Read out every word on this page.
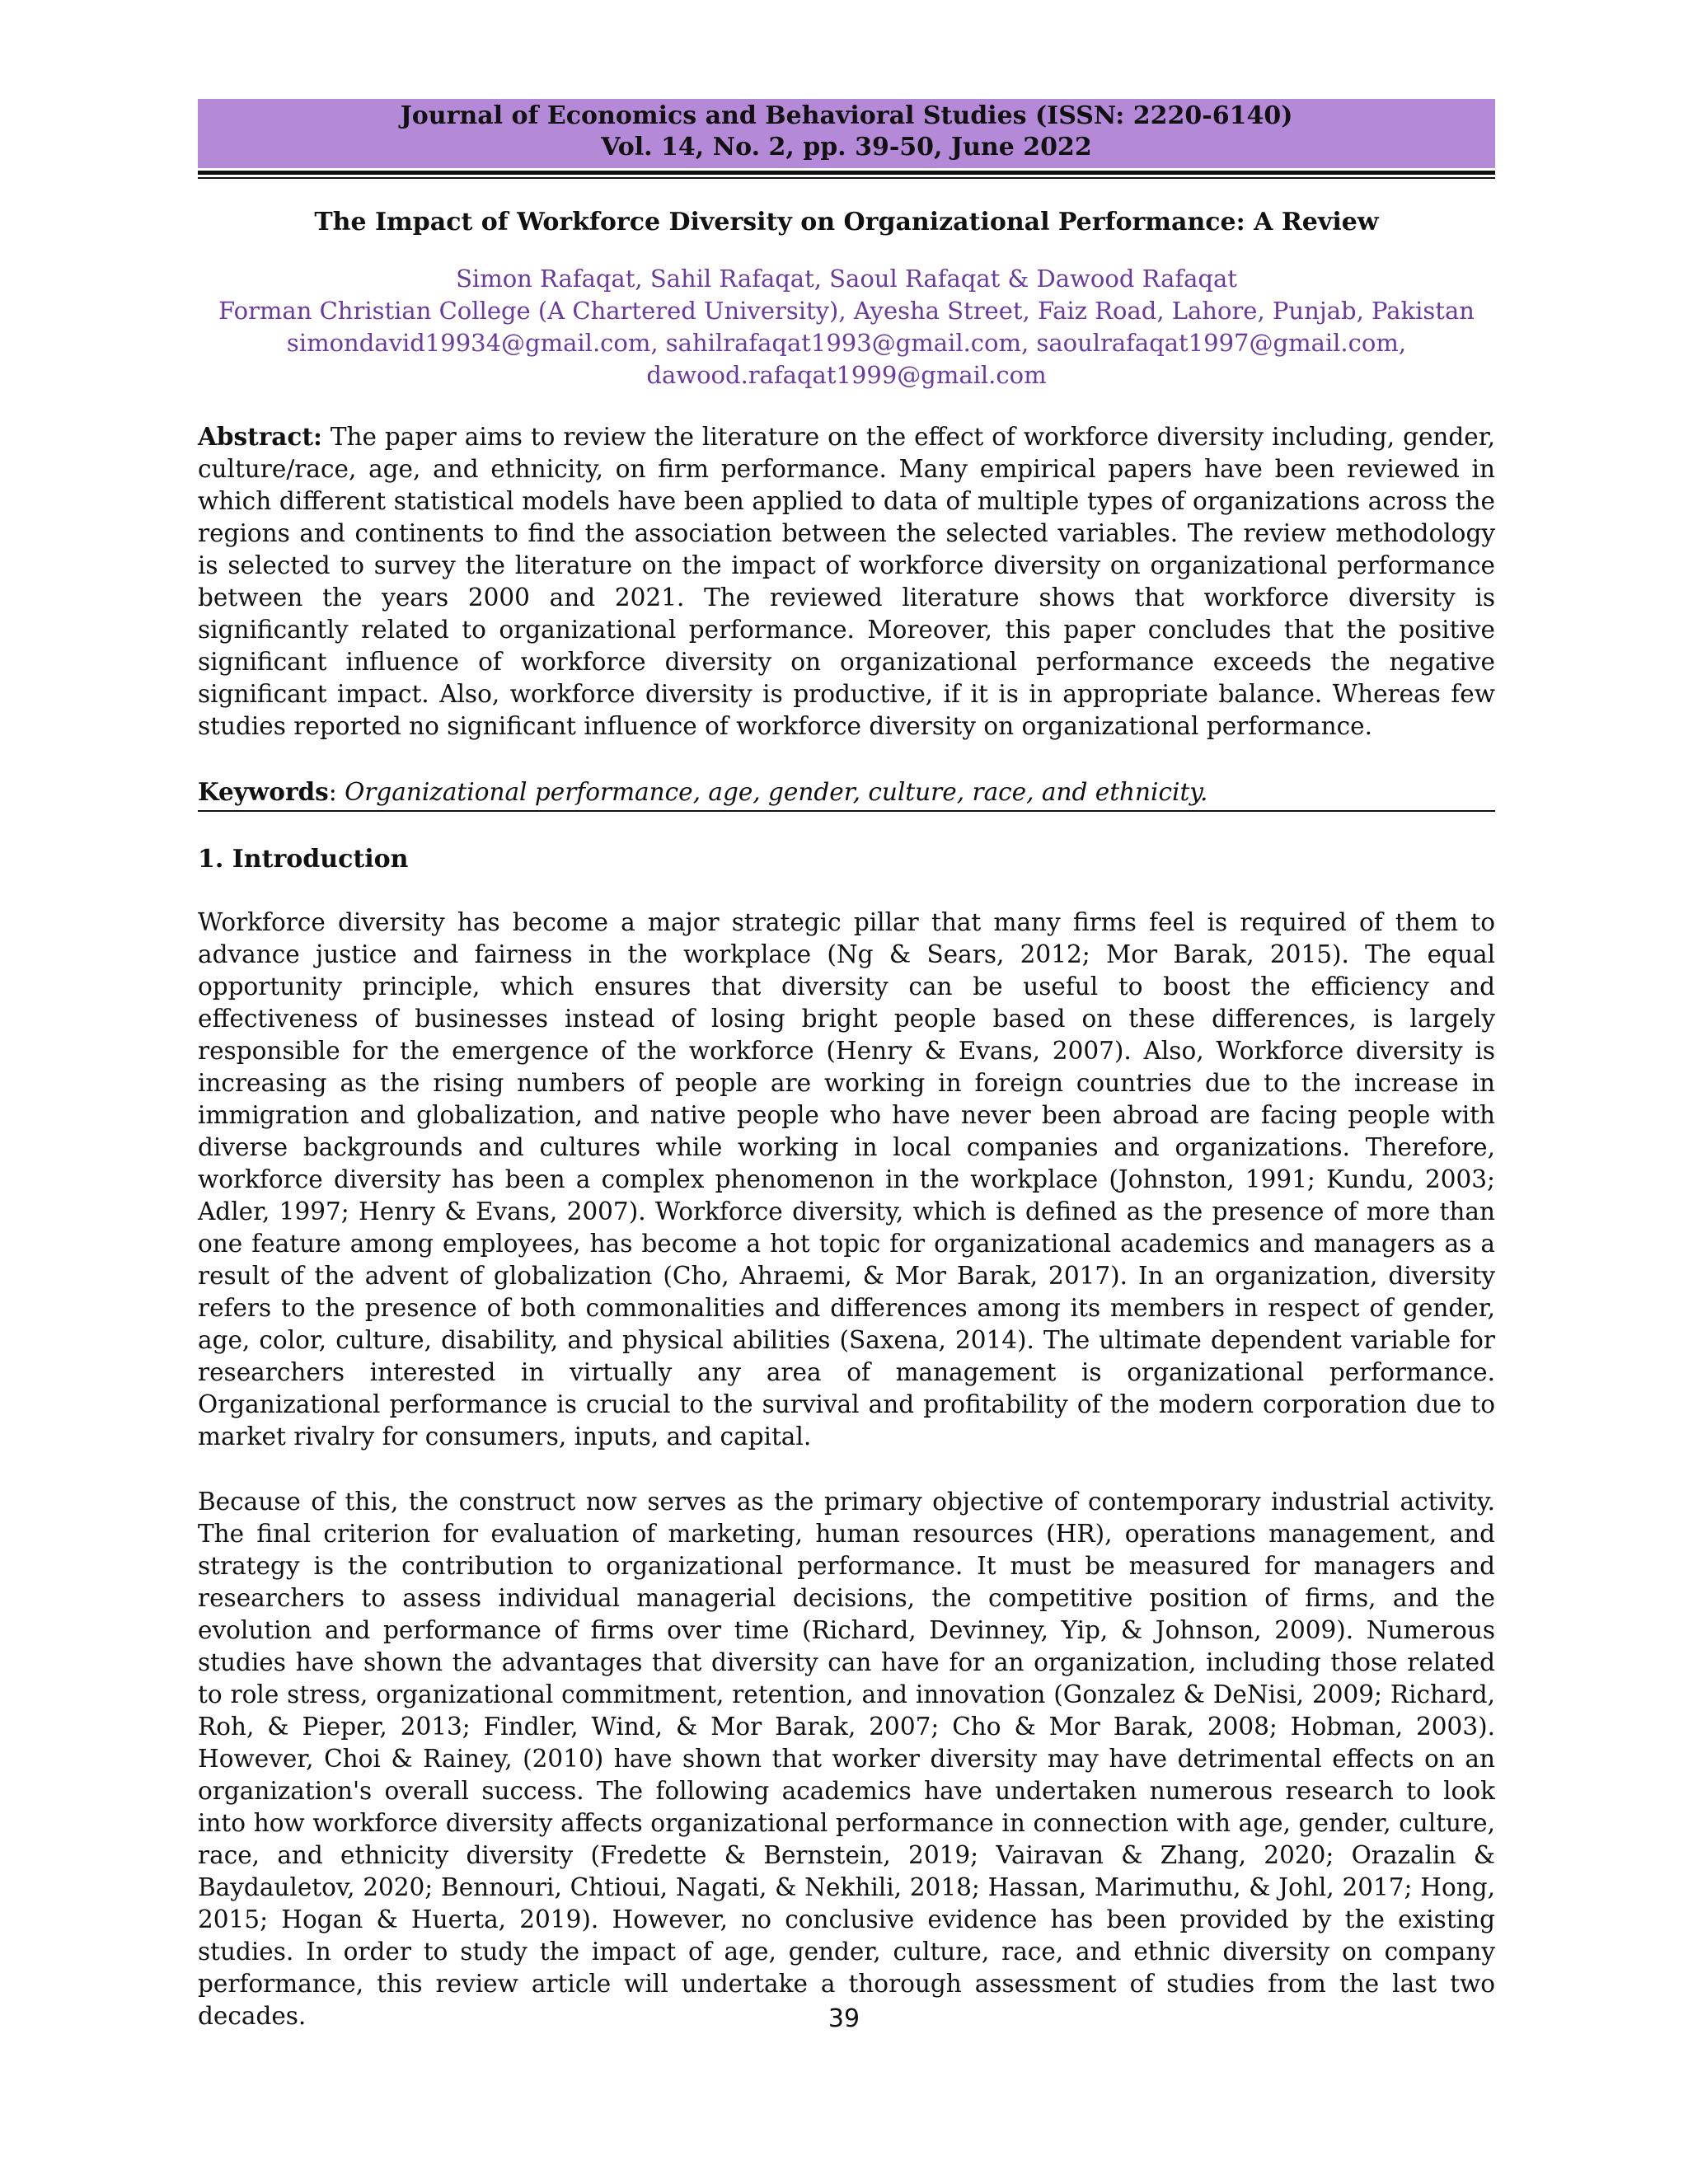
Journal of Economics and Behavioral Studies (ISSN: 2220-6140)
Vol. 14, No. 2, pp. 39-50, June 2022
The Impact of Workforce Diversity on Organizational Performance: A Review
Simon Rafaqat, Sahil Rafaqat, Saoul Rafaqat & Dawood Rafaqat
Forman Christian College (A Chartered University), Ayesha Street, Faiz Road, Lahore, Punjab, Pakistan
simondavid19934@gmail.com, sahilrafaqat1993@gmail.com, saoulrafaqat1997@gmail.com,
dawood.rafaqat1999@gmail.com
Abstract: The paper aims to review the literature on the effect of workforce diversity including, gender, culture/race, age, and ethnicity, on firm performance. Many empirical papers have been reviewed in which different statistical models have been applied to data of multiple types of organizations across the regions and continents to find the association between the selected variables. The review methodology is selected to survey the literature on the impact of workforce diversity on organizational performance between the years 2000 and 2021. The reviewed literature shows that workforce diversity is significantly related to organizational performance. Moreover, this paper concludes that the positive significant influence of workforce diversity on organizational performance exceeds the negative significant impact. Also, workforce diversity is productive, if it is in appropriate balance. Whereas few studies reported no significant influence of workforce diversity on organizational performance.
Keywords: Organizational performance, age, gender, culture, race, and ethnicity.
1. Introduction
Workforce diversity has become a major strategic pillar that many firms feel is required of them to advance justice and fairness in the workplace (Ng & Sears, 2012; Mor Barak, 2015). The equal opportunity principle, which ensures that diversity can be useful to boost the efficiency and effectiveness of businesses instead of losing bright people based on these differences, is largely responsible for the emergence of the workforce (Henry & Evans, 2007). Also, Workforce diversity is increasing as the rising numbers of people are working in foreign countries due to the increase in immigration and globalization, and native people who have never been abroad are facing people with diverse backgrounds and cultures while working in local companies and organizations. Therefore, workforce diversity has been a complex phenomenon in the workplace (Johnston, 1991; Kundu, 2003; Adler, 1997; Henry & Evans, 2007). Workforce diversity, which is defined as the presence of more than one feature among employees, has become a hot topic for organizational academics and managers as a result of the advent of globalization (Cho, Ahraemi, & Mor Barak, 2017). In an organization, diversity refers to the presence of both commonalities and differences among its members in respect of gender, age, color, culture, disability, and physical abilities (Saxena, 2014). The ultimate dependent variable for researchers interested in virtually any area of management is organizational performance. Organizational performance is crucial to the survival and profitability of the modern corporation due to market rivalry for consumers, inputs, and capital.
Because of this, the construct now serves as the primary objective of contemporary industrial activity. The final criterion for evaluation of marketing, human resources (HR), operations management, and strategy is the contribution to organizational performance. It must be measured for managers and researchers to assess individual managerial decisions, the competitive position of firms, and the evolution and performance of firms over time (Richard, Devinney, Yip, & Johnson, 2009). Numerous studies have shown the advantages that diversity can have for an organization, including those related to role stress, organizational commitment, retention, and innovation (Gonzalez & DeNisi, 2009; Richard, Roh, & Pieper, 2013; Findler, Wind, & Mor Barak, 2007; Cho & Mor Barak, 2008; Hobman, 2003). However, Choi & Rainey, (2010) have shown that worker diversity may have detrimental effects on an organization's overall success. The following academics have undertaken numerous research to look into how workforce diversity affects organizational performance in connection with age, gender, culture, race, and ethnicity diversity (Fredette & Bernstein, 2019; Vairavan & Zhang, 2020; Orazalin & Baydauletov, 2020; Bennouri, Chtioui, Nagati, & Nekhili, 2018; Hassan, Marimuthu, & Johl, 2017; Hong, 2015; Hogan & Huerta, 2019). However, no conclusive evidence has been provided by the existing studies. In order to study the impact of age, gender, culture, race, and ethnic diversity on company performance, this review article will undertake a thorough assessment of studies from the last two decades.	39
